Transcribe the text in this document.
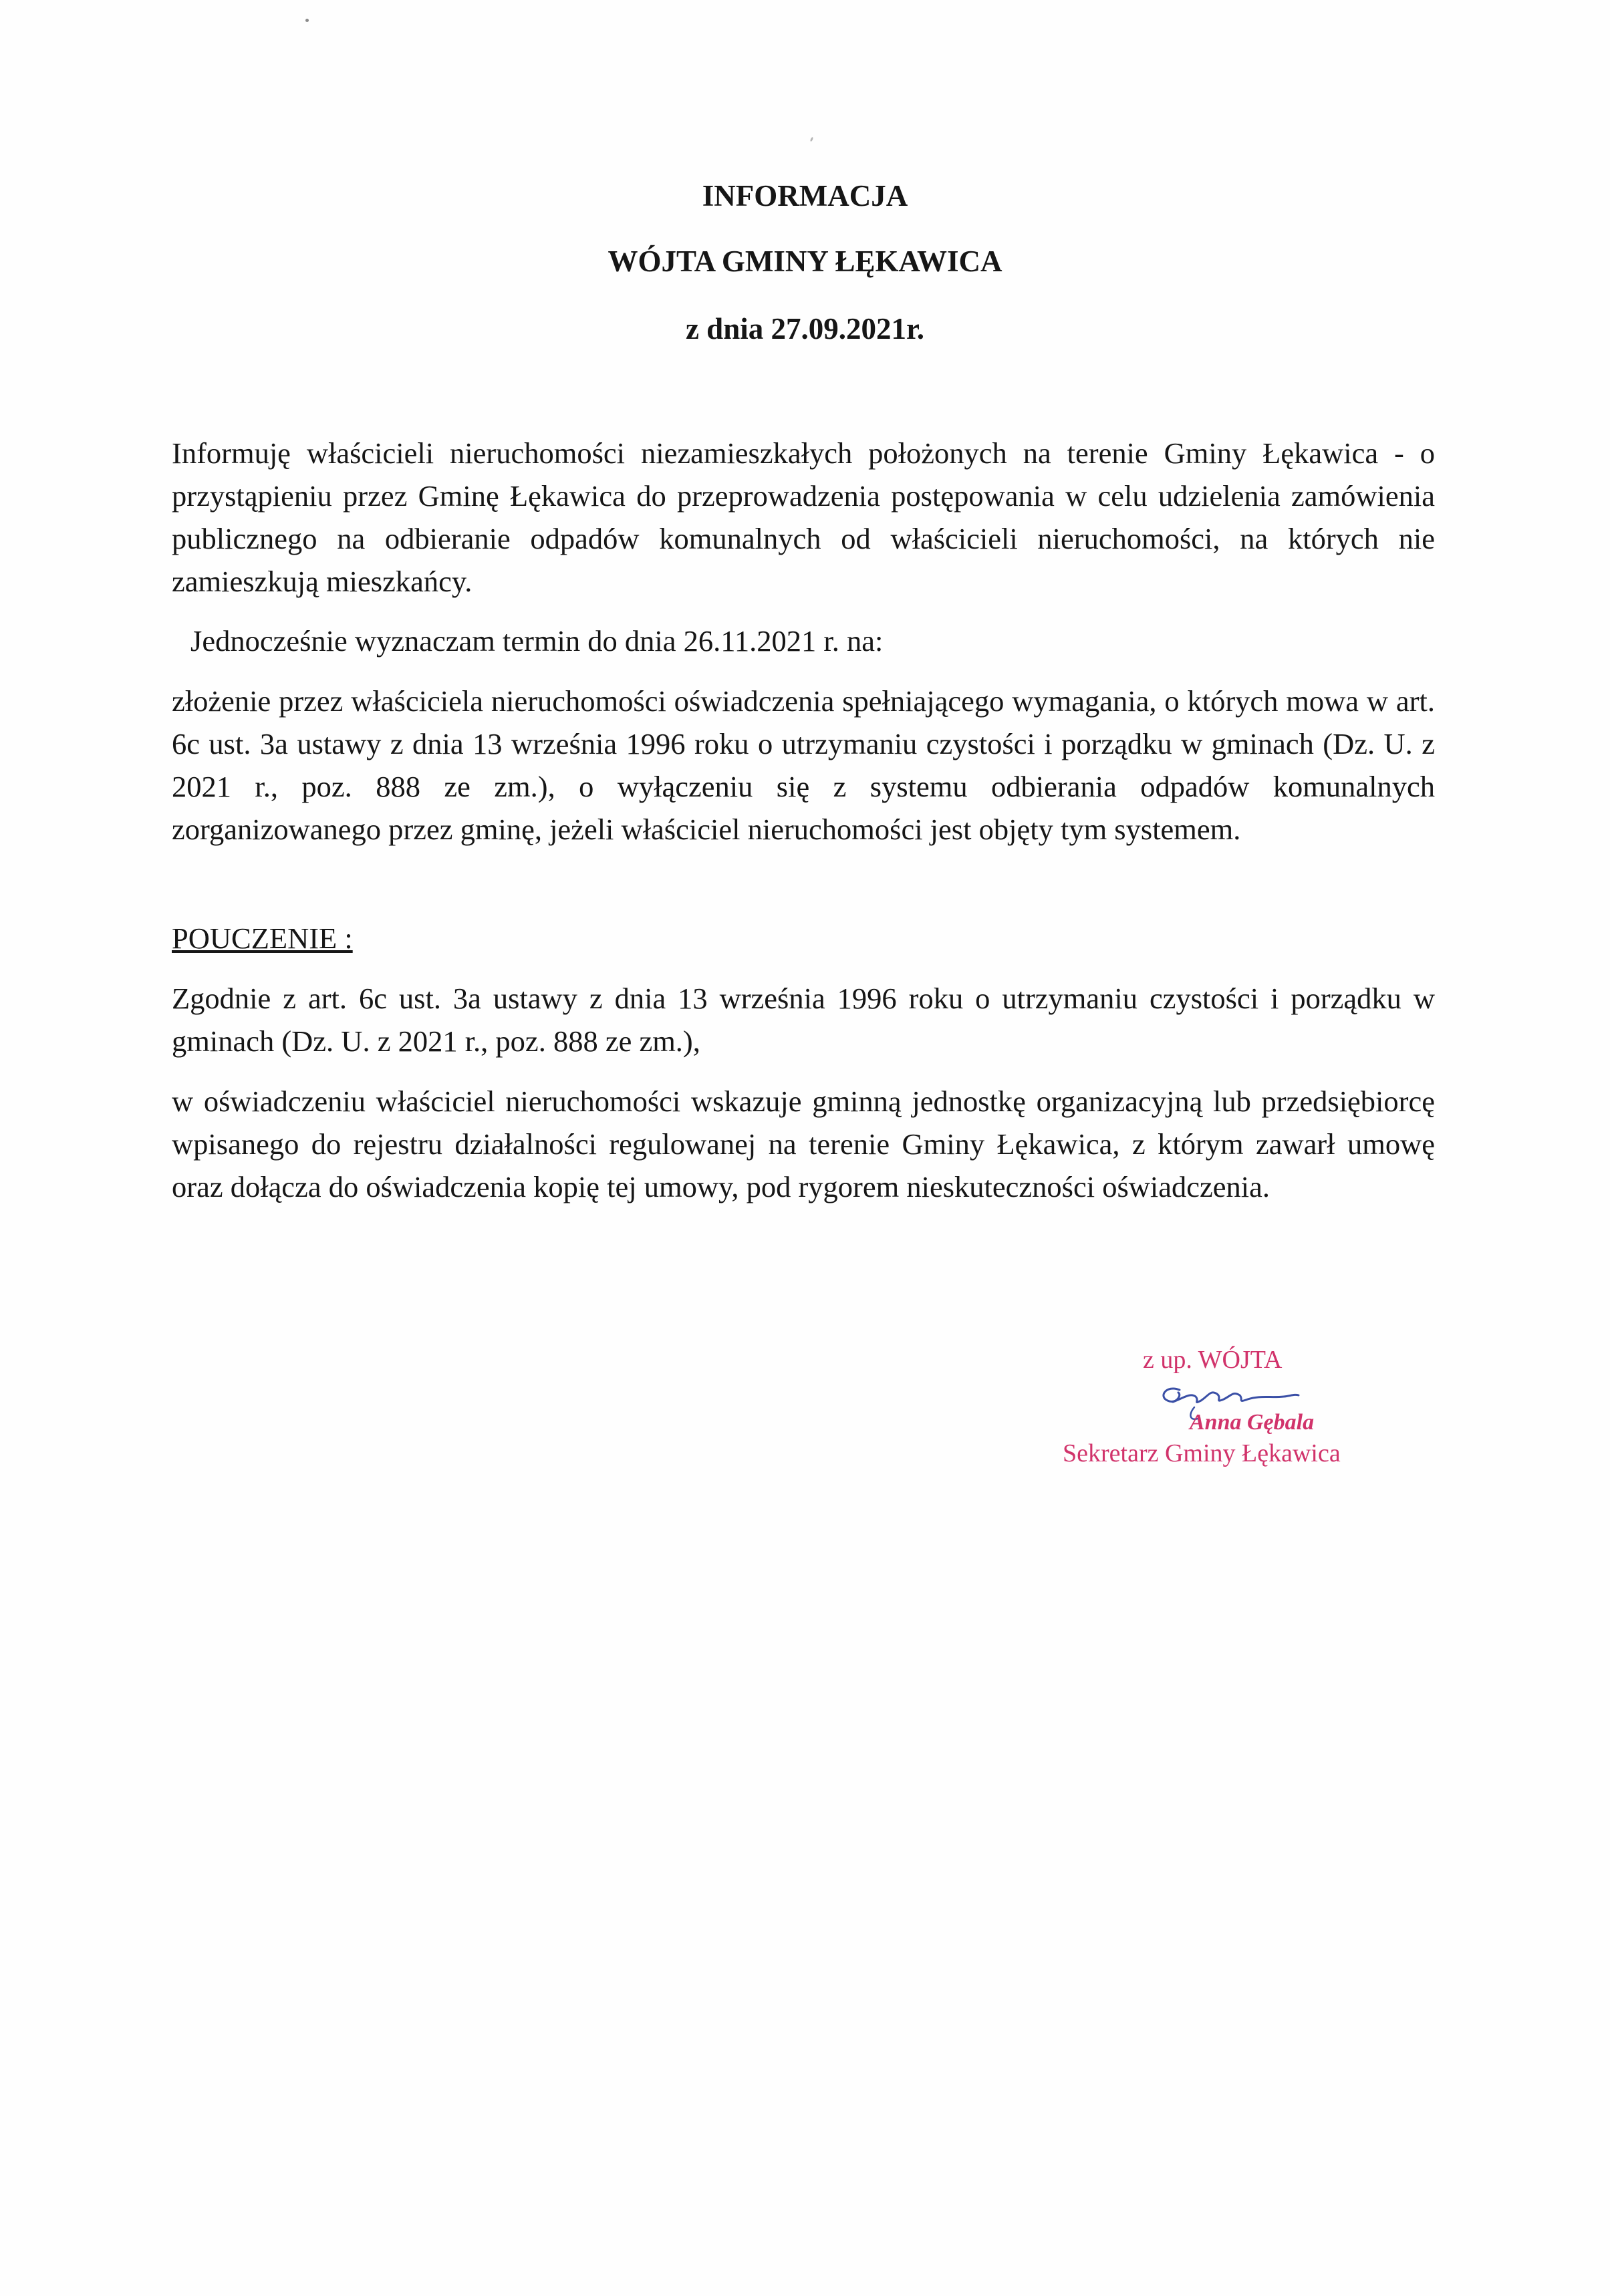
INFORMACJA
WÓJTA GMINY ŁĘKAWICA
z dnia 27.09.2021r.

Informuję właścicieli nieruchomości niezamieszkałych położonych na terenie Gminy Łękawica - o przystąpieniu przez Gminę Łękawica do przeprowadzenia postępowania w celu udzielenia zamówienia publicznego na odbieranie odpadów komunalnych od właścicieli nieruchomości, na których nie zamieszkują mieszkańcy.

Jednocześnie wyznaczam termin do dnia 26.11.2021 r. na:

złożenie przez właściciela nieruchomości oświadczenia spełniającego wymagania, o których mowa w art. 6c ust. 3a ustawy z dnia 13 września 1996 roku o utrzymaniu czystości i porządku w gminach (Dz. U. z 2021 r., poz. 888 ze zm.), o wyłączeniu się z systemu odbierania odpadów komunalnych zorganizowanego przez gminę, jeżeli właściciel nieruchomości jest objęty tym systemem.

POUCZENIE :

Zgodnie z art. 6c ust. 3a ustawy z dnia 13 września 1996 roku o utrzymaniu czystości i porządku w gminach (Dz. U. z 2021 r., poz. 888 ze zm.),

w oświadczeniu właściciel nieruchomości wskazuje gminną jednostkę organizacyjną lub przedsiębiorcę wpisanego do rejestru działalności regulowanej na terenie Gminy Łękawica, z którym zawarł umowę oraz dołącza do oświadczenia kopię tej umowy, pod rygorem nieskuteczności oświadczenia.

z up. WÓJTA
Anna Gębala
Sekretarz Gminy Łękawica
